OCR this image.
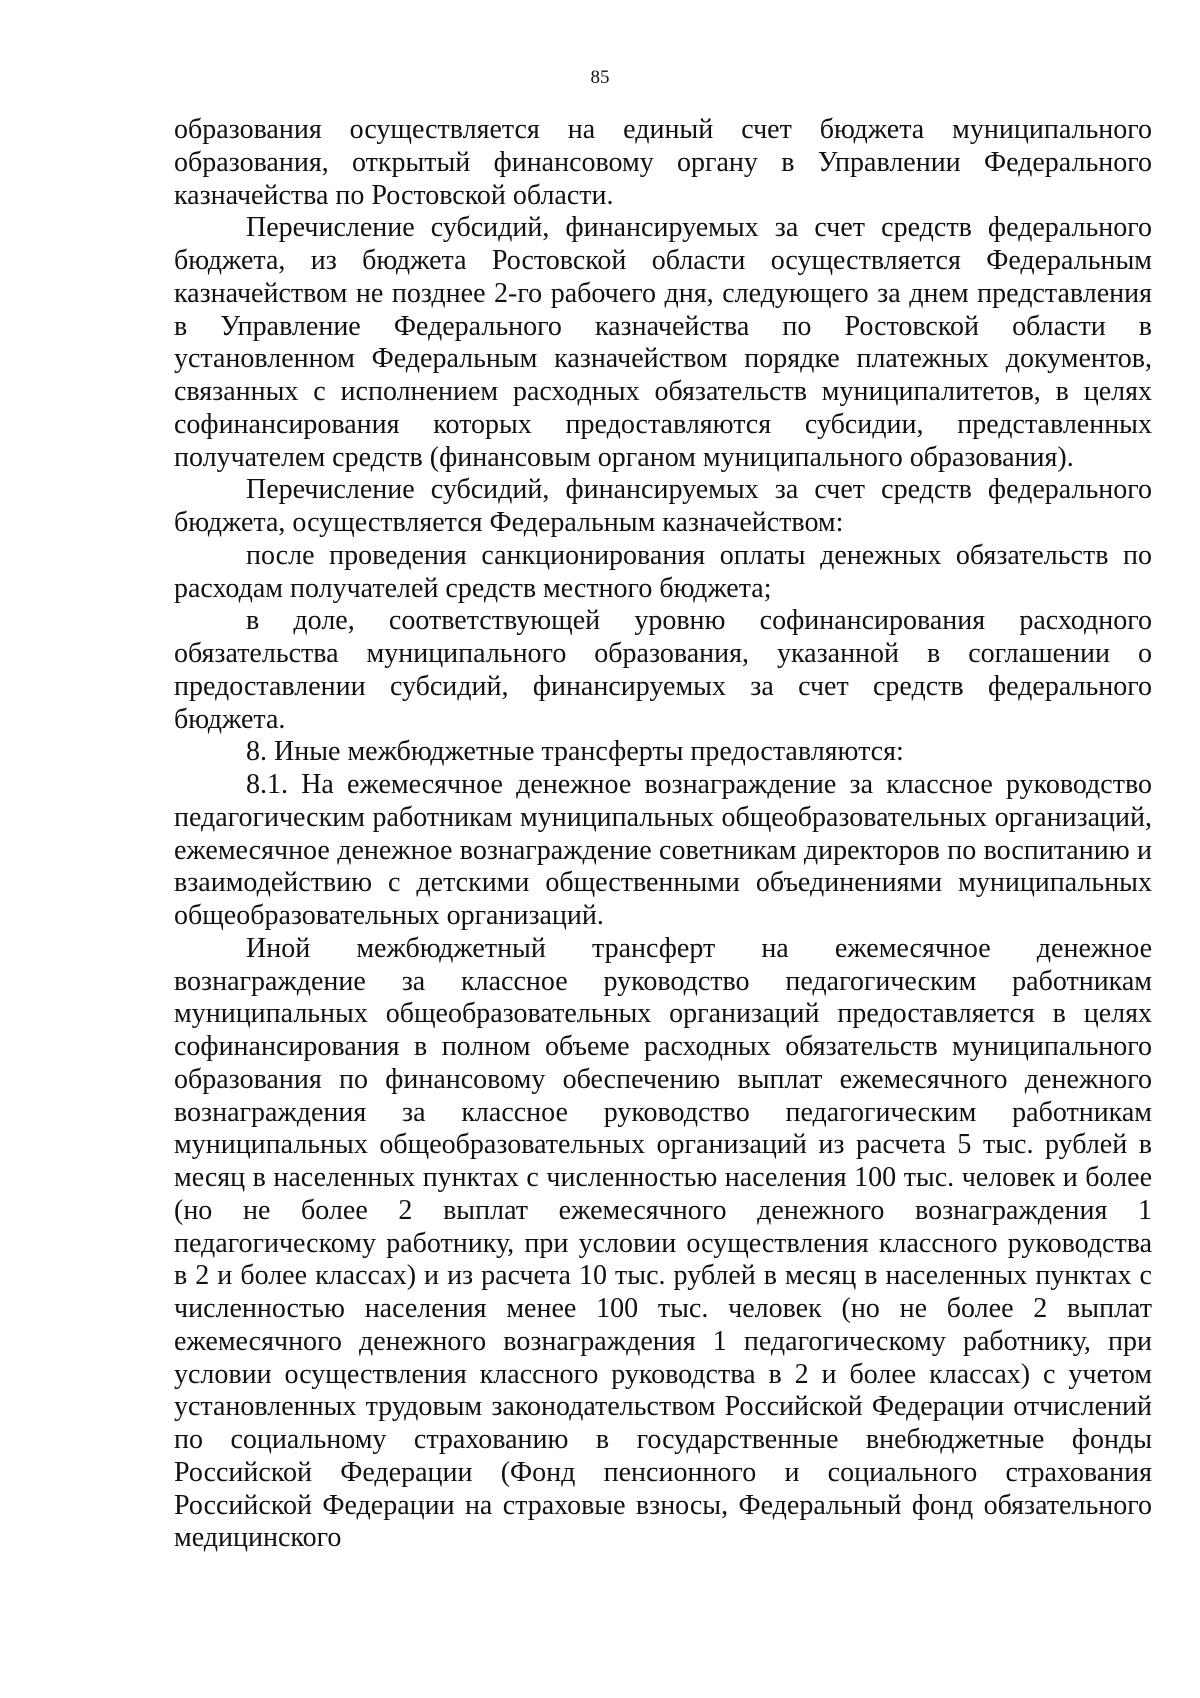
85

образования осуществляется на единый счет бюджета муниципального образования, открытый финансовому органу в Управлении Федерального казначейства по Ростовской области.

Перечисление субсидий, финансируемых за счет средств федерального бюджета, из бюджета Ростовской области осуществляется Федеральным казначейством не позднее 2-го рабочего дня, следующего за днем представления в Управление Федерального казначейства по Ростовской области в установленном Федеральным казначейством порядке платежных документов, связанных с исполнением расходных обязательств муниципалитетов, в целях софинансирования которых предоставляются субсидии, представленных получателем средств (финансовым органом муниципального образования).

Перечисление субсидий, финансируемых за счет средств федерального бюджета, осуществляется Федеральным казначейством:

после проведения санкционирования оплаты денежных обязательств по расходам получателей средств местного бюджета;

в доле, соответствующей уровню софинансирования расходного обязательства муниципального образования, указанной в соглашении о предоставлении субсидий, финансируемых за счет средств федерального бюджета.

8. Иные межбюджетные трансферты предоставляются:

8.1. На ежемесячное денежное вознаграждение за классное руководство педагогическим работникам муниципальных общеобразовательных организаций, ежемесячное денежное вознаграждение советникам директоров по воспитанию и взаимодействию с детскими общественными объединениями муниципальных общеобразовательных организаций.

Иной межбюджетный трансферт на ежемесячное денежное вознаграждение за классное руководство педагогическим работникам муниципальных общеобразовательных организаций предоставляется в целях софинансирования в полном объеме расходных обязательств муниципального образования по финансовому обеспечению выплат ежемесячного денежного вознаграждения за классное руководство педагогическим работникам муниципальных общеобразовательных организаций из расчета 5 тыс. рублей в месяц в населенных пунктах с численностью населения 100 тыс. человек и более (но не более 2 выплат ежемесячного денежного вознаграждения 1 педагогическому работнику, при условии осуществления классного руководства в 2 и более классах) и из расчета 10 тыс. рублей в месяц в населенных пунктах с численностью населения менее 100 тыс. человек (но не более 2 выплат ежемесячного денежного вознаграждения 1 педагогическому работнику, при условии осуществления классного руководства в 2 и более классах) с учетом установленных трудовым законодательством Российской Федерации отчислений по социальному страхованию в государственные внебюджетные фонды Российской Федерации (Фонд пенсионного и социального страхования Российской Федерации на страховые взносы, Федеральный фонд обязательного медицинского
